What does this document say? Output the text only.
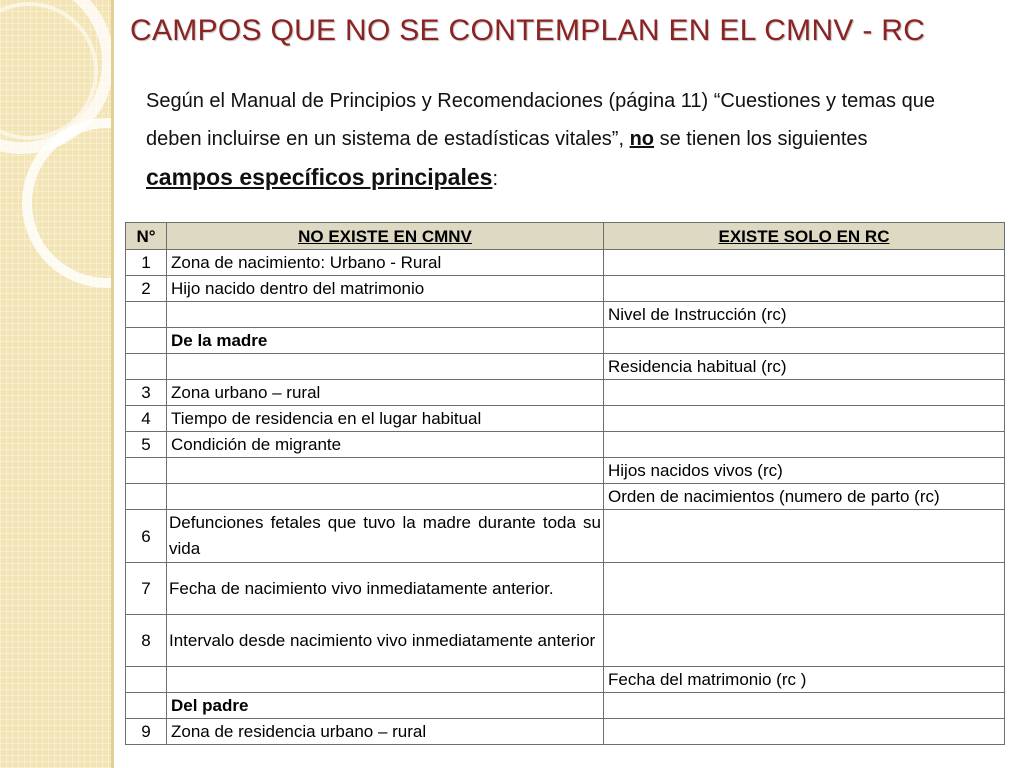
CAMPOS QUE NO SE CONTEMPLAN EN EL CMNV - RC
Según el Manual de Principios y Recomendaciones (página 11) “Cuestiones y temas que deben incluirse en un sistema de estadísticas vitales”, no se tienen los siguientes campos específicos principales:
N°	NO EXISTE EN CMNV	EXISTE SOLO EN RC
1	Zona de nacimiento: Urbano - Rural	
2	Hijo nacido dentro del matrimonio	
		Nivel de Instrucción (rc)
	De la madre	
		Residencia habitual (rc)
3	Zona urbano – rural	
4	Tiempo de residencia en el lugar habitual	
5	Condición de migrante	
		Hijos nacidos vivos (rc)
		Orden de nacimientos (numero de parto (rc)
6	Defunciones fetales que tuvo la madre durante toda su vida	
7	Fecha de nacimiento vivo inmediatamente anterior.	
8	Intervalo desde nacimiento vivo inmediatamente anterior	
		Fecha del matrimonio (rc )
	Del padre	
9	Zona de residencia urbano – rural	
